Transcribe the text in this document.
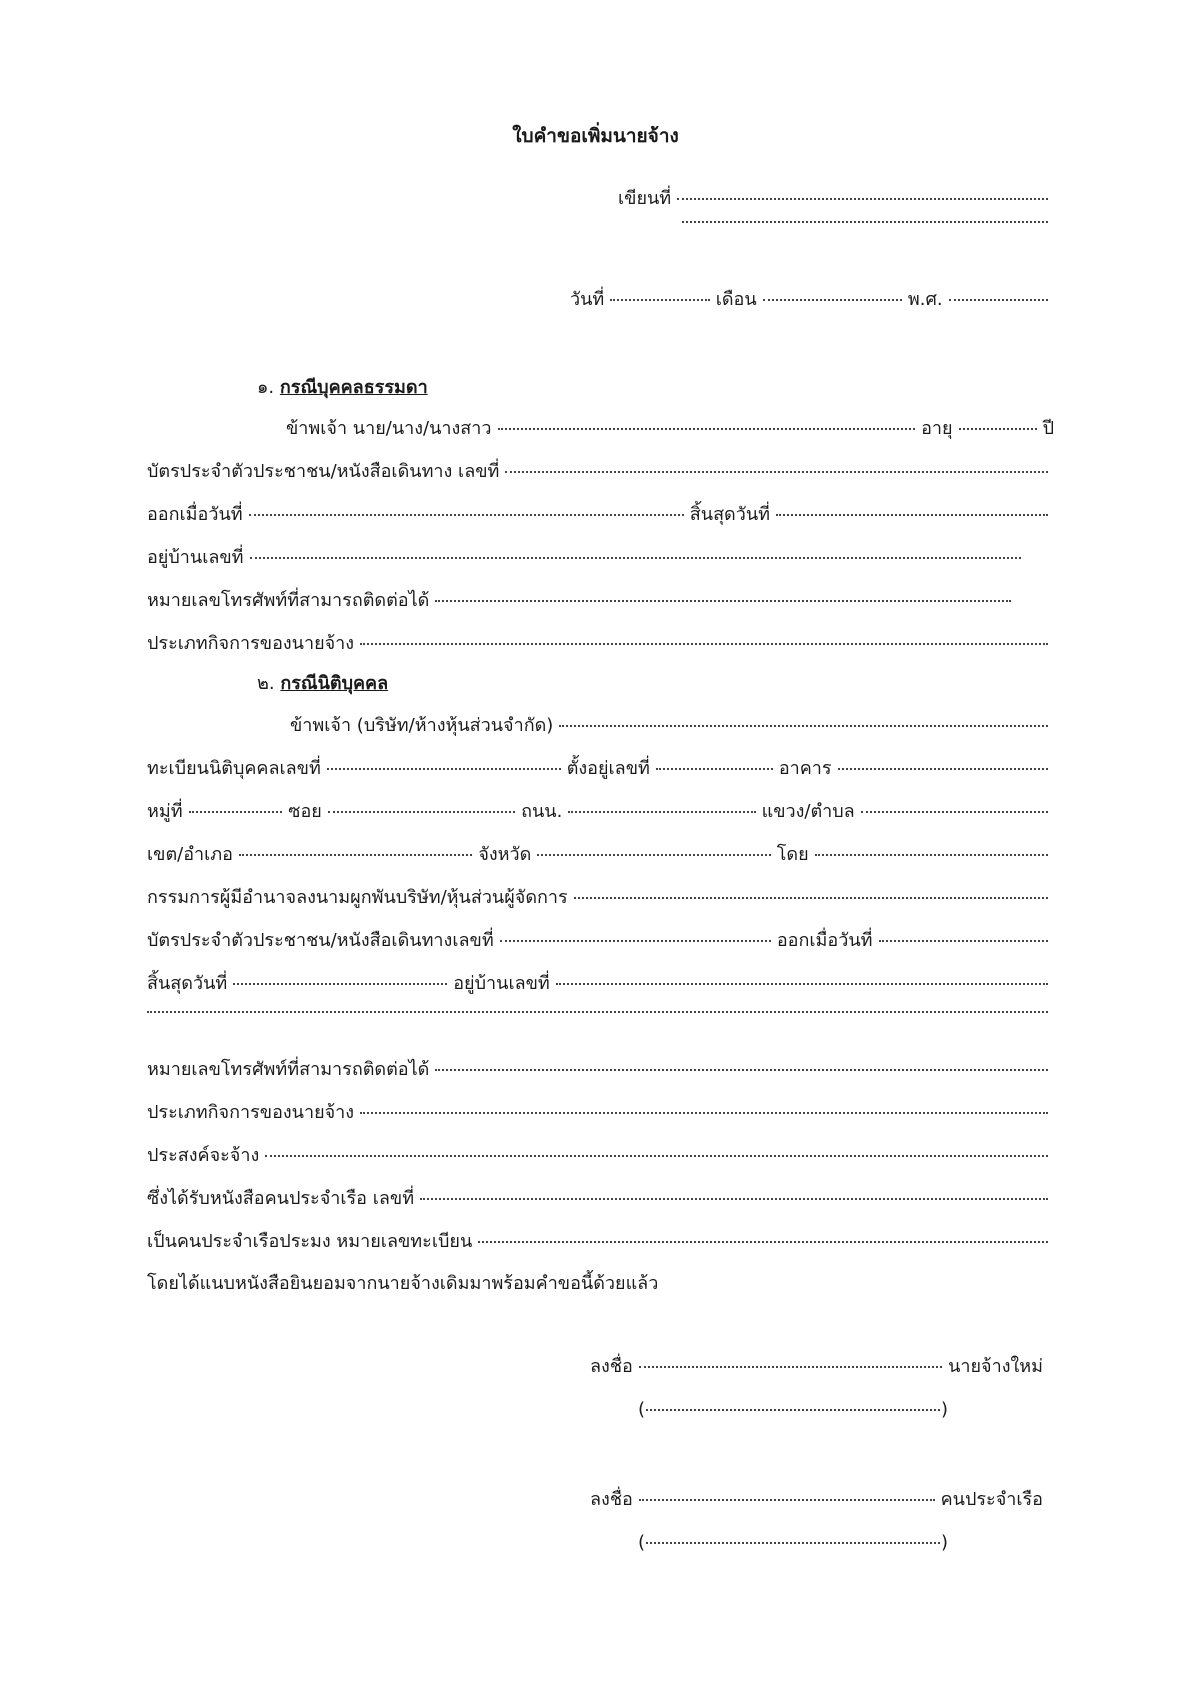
ใบคำขอเพิ่มนายจ้าง
เขียนที่
วันที่	เดือน	พ.ศ.
๑. กรณีบุคคลธรรมดา
ข้าพเจ้า นาย/นาง/นางสาว	อายุ	ปี
บัตรประจำตัวประชาชน/หนังสือเดินทาง เลขที่
ออกเมื่อวันที่	สิ้นสุดวันที่
อยู่บ้านเลขที่
หมายเลขโทรศัพท์ที่สามารถติดต่อได้
ประเภทกิจการของนายจ้าง
๒. กรณีนิติบุคคล
ข้าพเจ้า (บริษัท/ห้างหุ้นส่วนจำกัด)
ทะเบียนนิติบุคคลเลขที่	ตั้งอยู่เลขที่	อาคาร
หมู่ที่	ซอย	ถนน.	แขวง/ตำบล
เขต/อำเภอ	จังหวัด	โดย
กรรมการผู้มีอำนาจลงนามผูกพันบริษัท/หุ้นส่วนผู้จัดการ
บัตรประจำตัวประชาชน/หนังสือเดินทางเลขที่	ออกเมื่อวันที่
สิ้นสุดวันที่	อยู่บ้านเลขที่
หมายเลขโทรศัพท์ที่สามารถติดต่อได้
ประเภทกิจการของนายจ้าง
ประสงค์จะจ้าง
ซึ่งได้รับหนังสือคนประจำเรือ เลขที่
เป็นคนประจำเรือประมง หมายเลขทะเบียน
โดยได้แนบหนังสือยินยอมจากนายจ้างเดิมมาพร้อมคำขอนี้ด้วยแล้ว
ลงชื่อ	นายจ้างใหม่
(	)
ลงชื่อ	คนประจำเรือ
(	)
